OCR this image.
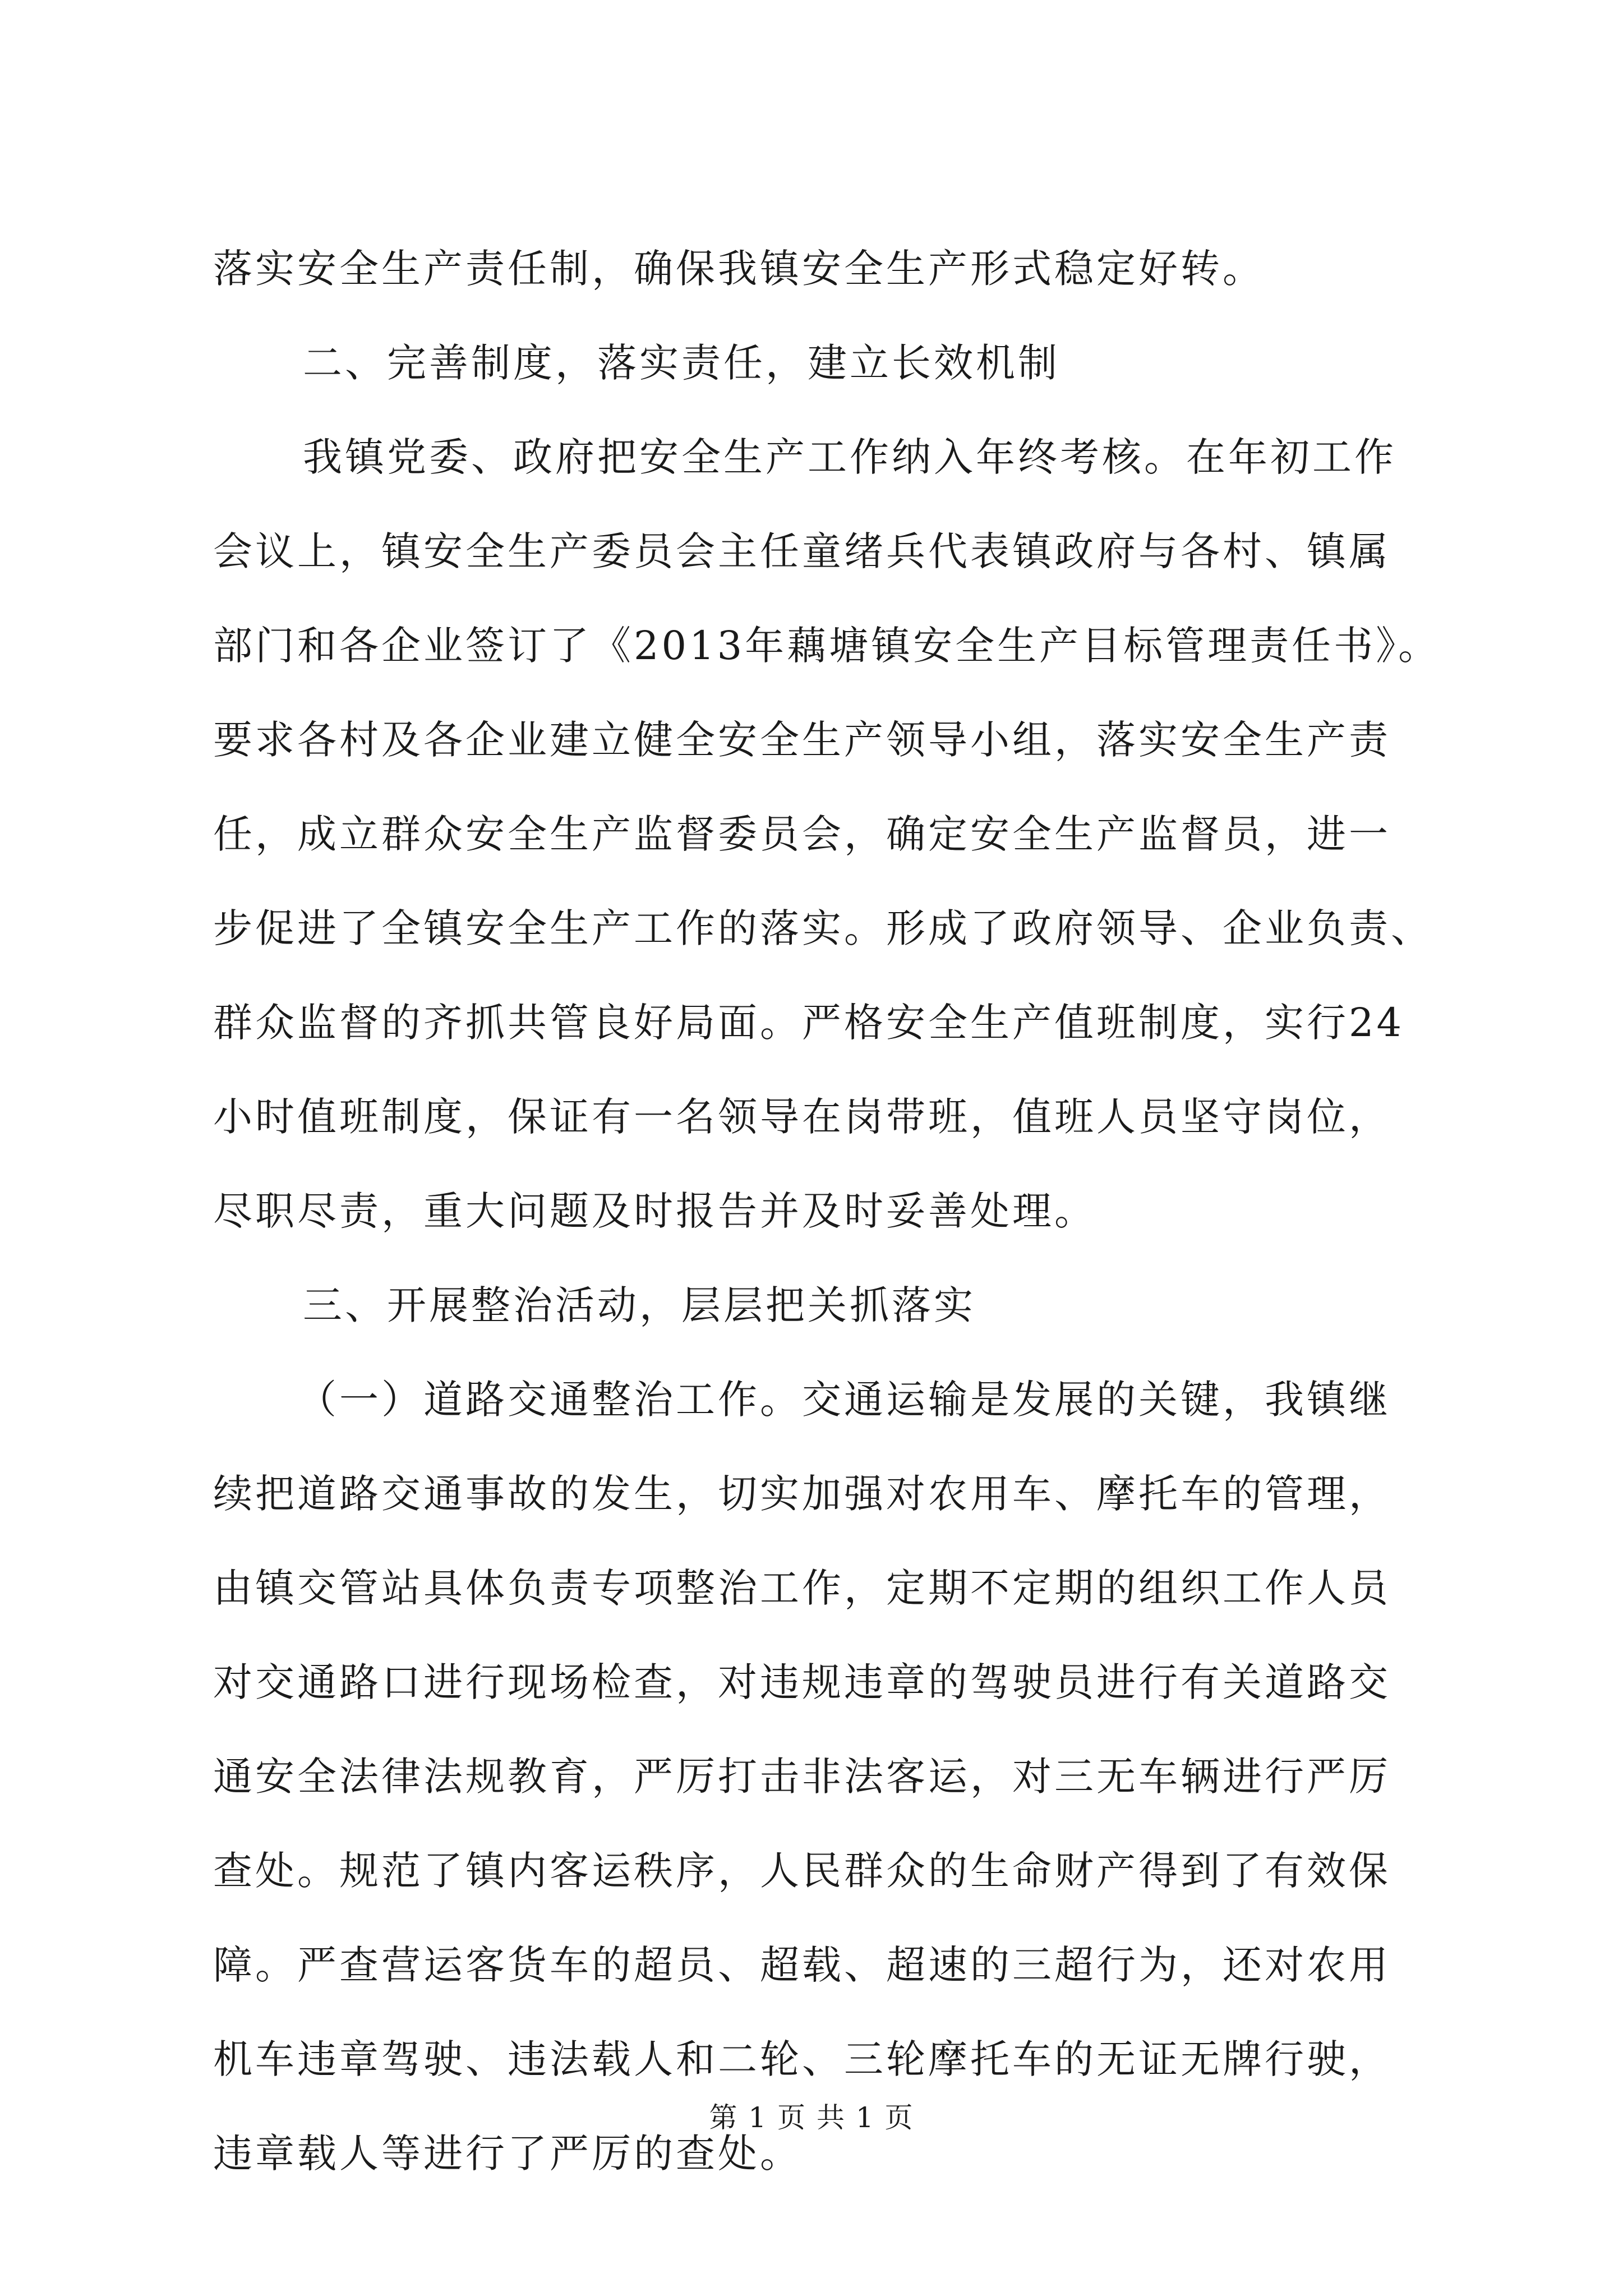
落实安全生产责任制，确保我镇安全生产形式稳定好转。
二、完善制度，落实责任，建立长效机制
我镇党委、政府把安全生产工作纳入年终考核。在年初工作
会议上，镇安全生产委员会主任童绪兵代表镇政府与各村、镇属
部门和各企业签订了《2013年藕塘镇安全生产目标管理责任书》。
要求各村及各企业建立健全安全生产领导小组，落实安全生产责
任，成立群众安全生产监督委员会，确定安全生产监督员，进一
步促进了全镇安全生产工作的落实。形成了政府领导、企业负责、
群众监督的齐抓共管良好局面。严格安全生产值班制度，实行24
小时值班制度，保证有一名领导在岗带班，值班人员坚守岗位，
尽职尽责，重大问题及时报告并及时妥善处理。
三、开展整治活动，层层把关抓落实
（一）道路交通整治工作。交通运输是发展的关键，我镇继
续把道路交通事故的发生，切实加强对农用车、摩托车的管理，
由镇交管站具体负责专项整治工作，定期不定期的组织工作人员
对交通路口进行现场检查，对违规违章的驾驶员进行有关道路交
通安全法律法规教育，严厉打击非法客运，对三无车辆进行严厉
查处。规范了镇内客运秩序，人民群众的生命财产得到了有效保
障。严查营运客货车的超员、超载、超速的三超行为，还对农用
机车违章驾驶、违法载人和二轮、三轮摩托车的无证无牌行驶，
违章载人等进行了严厉的查处。
第 1 页 共 1 页
